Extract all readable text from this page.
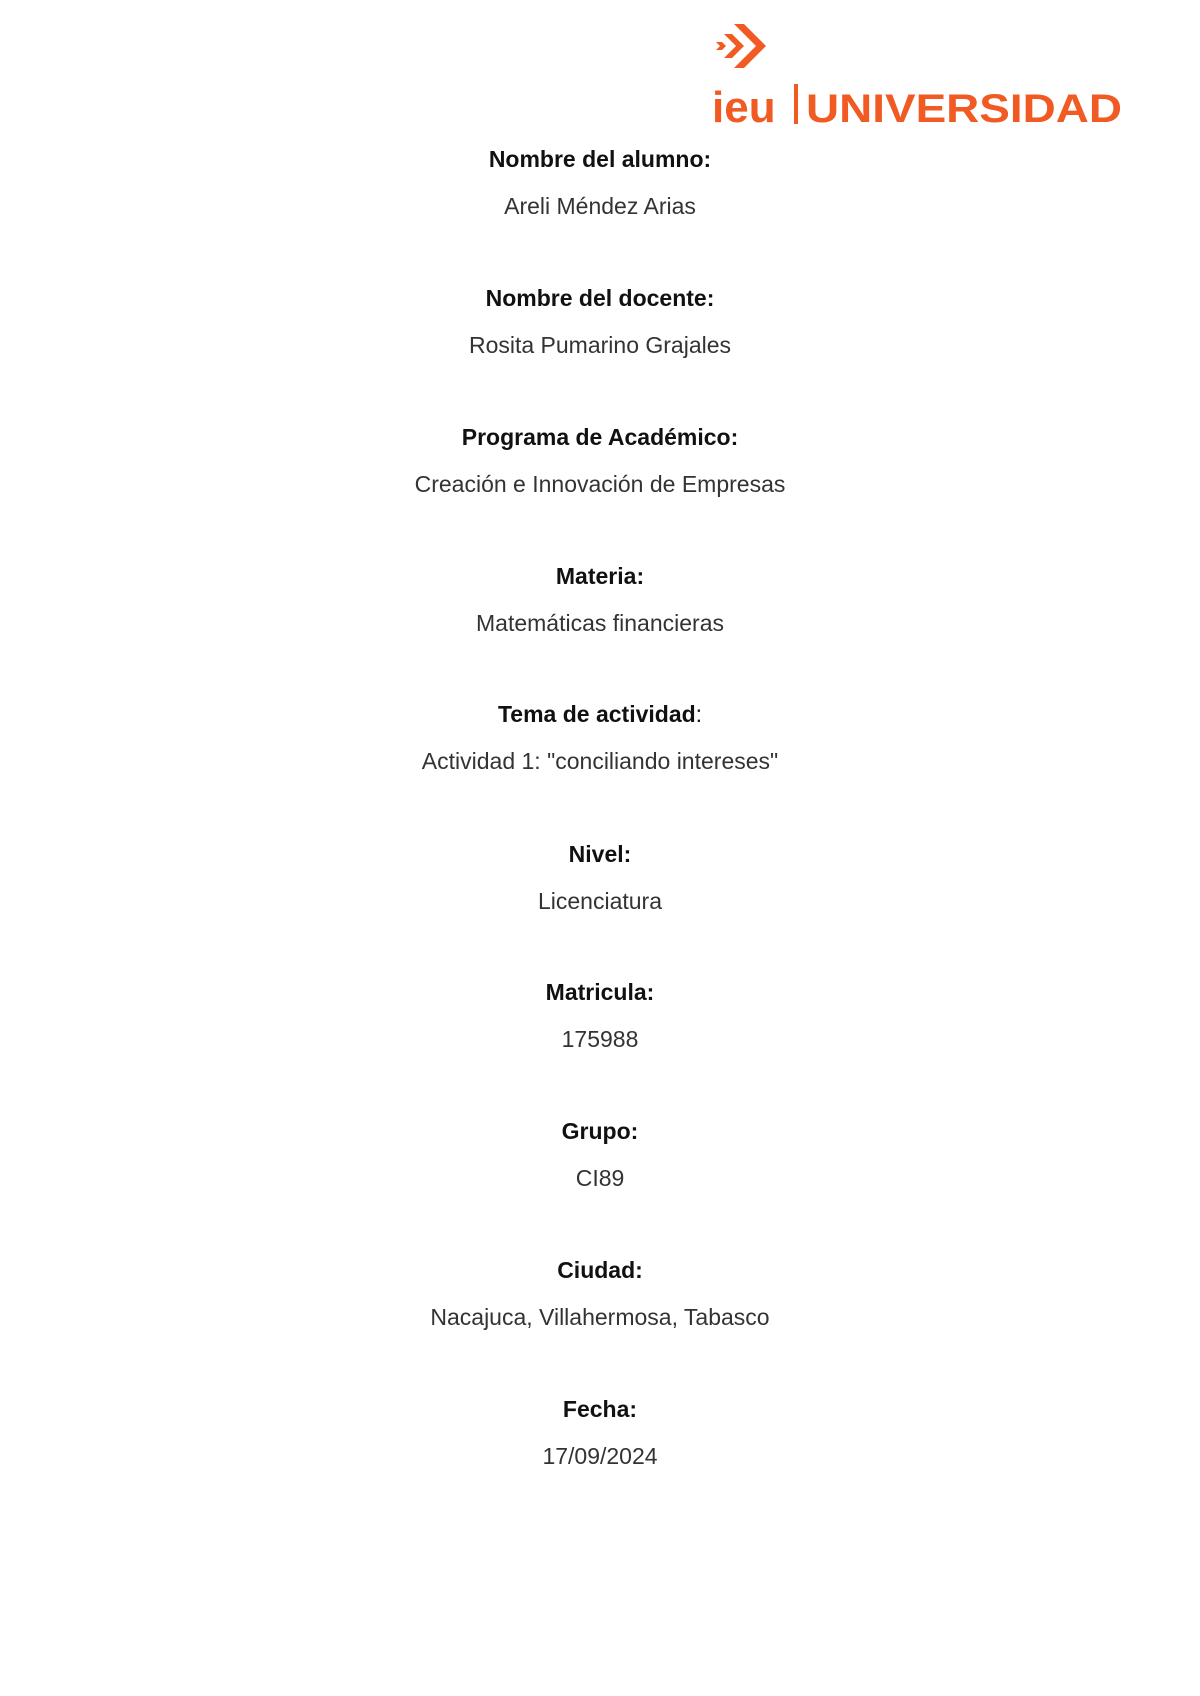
ieu UNIVERSIDAD
Nombre del alumno:
Areli Méndez Arias
Nombre del docente:
Rosita Pumarino Grajales
Programa de Académico:
Creación e Innovación de Empresas
Materia:
Matemáticas financieras
Tema de actividad:
Actividad 1: "conciliando intereses"
Nivel:
Licenciatura
Matricula:
175988
Grupo:
CI89
Ciudad:
Nacajuca, Villahermosa, Tabasco
Fecha:
17/09/2024
